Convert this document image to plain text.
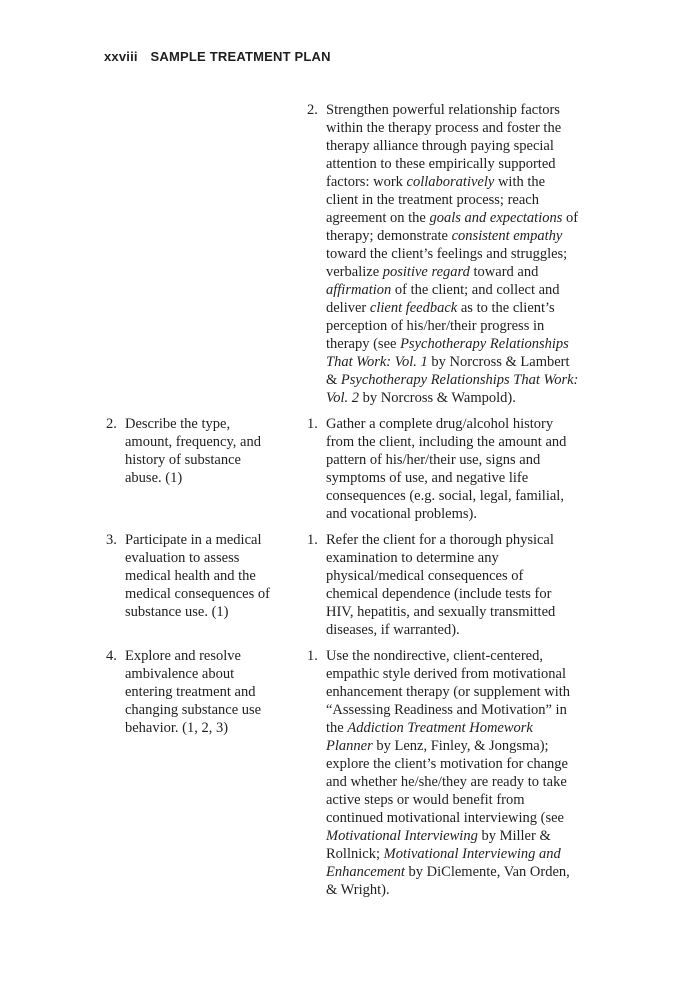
xxviii SAMPLE TREATMENT PLAN
2. Strengthen powerful relationship factors
within the therapy process and foster the
therapy alliance through paying special
attention to these empirically supported
factors: work collaboratively with the
client in the treatment process; reach
agreement on the goals and expectations of
therapy; demonstrate consistent empathy
toward the client’s feelings and struggles;
verbalize positive regard toward and
affirmation of the client; and collect and
deliver client feedback as to the client’s
perception of his/her/their progress in
therapy (see Psychotherapy Relationships
That Work: Vol. 1 by Norcross & Lambert
& Psychotherapy Relationships That Work:
Vol. 2 by Norcross & Wampold).
2. Describe the type,
amount, frequency, and
history of substance
abuse. (1)
1. Gather a complete drug/alcohol history
from the client, including the amount and
pattern of his/her/their use, signs and
symptoms of use, and negative life
consequences (e.g. social, legal, familial,
and vocational problems).
3. Participate in a medical
evaluation to assess
medical health and the
medical consequences of
substance use. (1)
1. Refer the client for a thorough physical
examination to determine any
physical/medical consequences of
chemical dependence (include tests for
HIV, hepatitis, and sexually transmitted
diseases, if warranted).
4. Explore and resolve
ambivalence about
entering treatment and
changing substance use
behavior. (1, 2, 3)
1. Use the nondirective, client-centered,
empathic style derived from motivational
enhancement therapy (or supplement with
“Assessing Readiness and Motivation” in
the Addiction Treatment Homework
Planner by Lenz, Finley, & Jongsma);
explore the client’s motivation for change
and whether he/she/they are ready to take
active steps or would benefit from
continued motivational interviewing (see
Motivational Interviewing by Miller &
Rollnick; Motivational Interviewing and
Enhancement by DiClemente, Van Orden,
& Wright).
